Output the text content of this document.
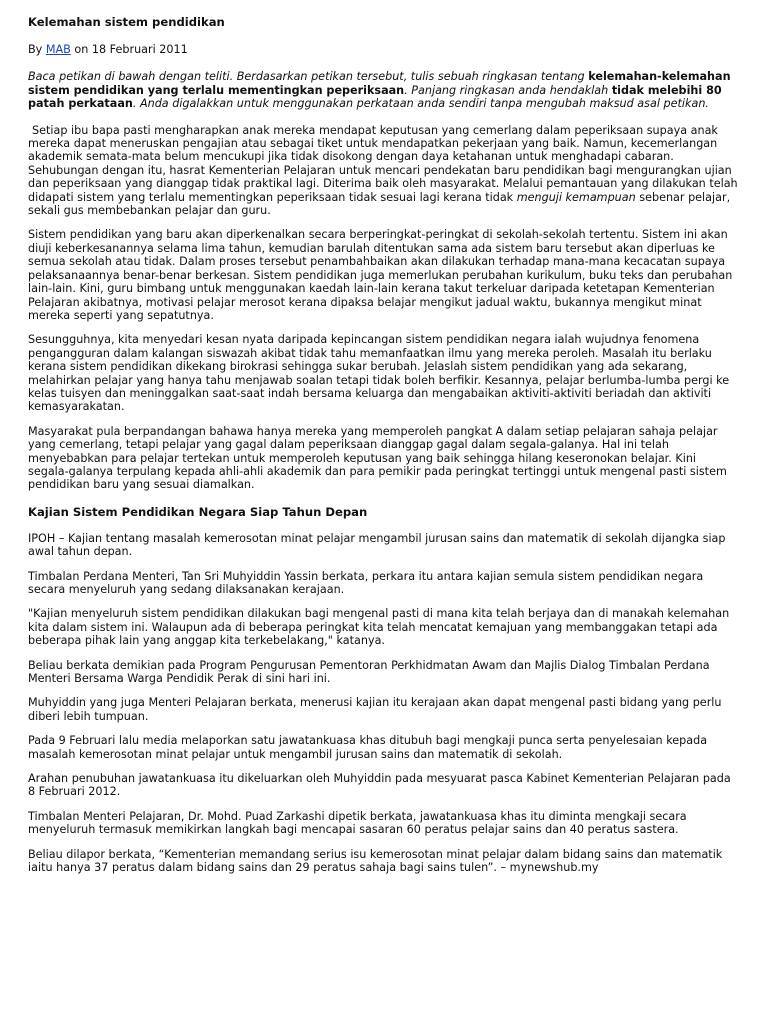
Kelemahan sistem pendidikan
By MAB on 18 Februari 2011

Baca petikan di bawah dengan teliti. Berdasarkan petikan tersebut, tulis sebuah ringkasan tentang kelemahan-kelemahan sistem pendidikan yang terlalu mementingkan peperiksaan. Panjang ringkasan anda hendaklah tidak melebihi 80 patah perkataan. Anda digalakkan untuk menggunakan perkataan anda sendiri tanpa mengubah maksud asal petikan.

Setiap ibu bapa pasti mengharapkan anak mereka mendapat keputusan yang cemerlang dalam peperiksaan supaya anak mereka dapat meneruskan pengajian atau sebagai tiket untuk mendapatkan pekerjaan yang baik. Namun, kecemerlangan akademik semata-mata belum mencukupi jika tidak disokong dengan daya ketahanan untuk menghadapi cabaran. Sehubungan dengan itu, hasrat Kementerian Pelajaran untuk mencari pendekatan baru pendidikan bagi mengurangkan ujian dan peperiksaan yang dianggap tidak praktikal lagi. Diterima baik oleh masyarakat. Melalui pemantauan yang dilakukan telah didapati sistem yang terlalu mementingkan peperiksaan tidak sesuai lagi kerana tidak menguji kemampuan sebenar pelajar, sekali gus membebankan pelajar dan guru.

Sistem pendidikan yang baru akan diperkenalkan secara berperingkat-peringkat di sekolah-sekolah tertentu. Sistem ini akan diuji keberkesanannya selama lima tahun, kemudian barulah ditentukan sama ada sistem baru tersebut akan diperluas ke semua sekolah atau tidak. Dalam proses tersebut penambahbaikan akan dilakukan terhadap mana-mana kecacatan supaya pelaksanaannya benar-benar berkesan. Sistem pendidikan juga memerlukan perubahan kurikulum, buku teks dan perubahan lain-lain. Kini, guru bimbang untuk menggunakan kaedah lain-lain kerana takut terkeluar daripada ketetapan Kementerian Pelajaran akibatnya, motivasi pelajar merosot kerana dipaksa belajar mengikut jadual waktu, bukannya mengikut minat mereka seperti yang sepatutnya.

Sesungguhnya, kita menyedari kesan nyata daripada kepincangan sistem pendidikan negara ialah wujudnya fenomena pengangguran dalam kalangan siswazah akibat tidak tahu memanfaatkan ilmu yang mereka peroleh. Masalah itu berlaku kerana sistem pendidikan dikekang birokrasi sehingga sukar berubah. Jelaslah sistem pendidikan yang ada sekarang, melahirkan pelajar yang hanya tahu menjawab soalan tetapi tidak boleh berfikir. Kesannya, pelajar berlumba-lumba pergi ke kelas tuisyen dan meninggalkan saat-saat indah bersama keluarga dan mengabaikan aktiviti-aktiviti beriadah dan aktiviti kemasyarakatan.

Masyarakat pula berpandangan bahawa hanya mereka yang memperoleh pangkat A dalam setiap pelajaran sahaja pelajar yang cemerlang, tetapi pelajar yang gagal dalam peperiksaan dianggap gagal dalam segala-galanya. Hal ini telah menyebabkan para pelajar tertekan untuk memperoleh keputusan yang baik sehingga hilang keseronokan belajar. Kini segala-galanya terpulang kepada ahli-ahli akademik dan para pemikir pada peringkat tertinggi untuk mengenal pasti sistem pendidikan baru yang sesuai diamalkan.

Kajian Sistem Pendidikan Negara Siap Tahun Depan

IPOH – Kajian tentang masalah kemerosotan minat pelajar mengambil jurusan sains dan matematik di sekolah dijangka siap awal tahun depan.

Timbalan Perdana Menteri, Tan Sri Muhyiddin Yassin berkata, perkara itu antara kajian semula sistem pendidikan negara secara menyeluruh yang sedang dilaksanakan kerajaan.

"Kajian menyeluruh sistem pendidikan dilakukan bagi mengenal pasti di mana kita telah berjaya dan di manakah kelemahan kita dalam sistem ini. Walaupun ada di beberapa peringkat kita telah mencatat kemajuan yang membanggakan tetapi ada beberapa pihak lain yang anggap kita terkebelakang," katanya.

Beliau berkata demikian pada Program Pengurusan Pementoran Perkhidmatan Awam dan Majlis Dialog Timbalan Perdana Menteri Bersama Warga Pendidik Perak di sini hari ini.

Muhyiddin yang juga Menteri Pelajaran berkata, menerusi kajian itu kerajaan akan dapat mengenal pasti bidang yang perlu diberi lebih tumpuan.

Pada 9 Februari lalu media melaporkan satu jawatankuasa khas ditubuh bagi mengkaji punca serta penyelesaian kepada masalah kemerosotan minat pelajar untuk mengambil jurusan sains dan matematik di sekolah.

Arahan penubuhan jawatankuasa itu dikeluarkan oleh Muhyiddin pada mesyuarat pasca Kabinet Kementerian Pelajaran pada 8 Februari 2012.

Timbalan Menteri Pelajaran, Dr. Mohd. Puad Zarkashi dipetik berkata, jawatankuasa khas itu diminta mengkaji secara menyeluruh termasuk memikirkan langkah bagi mencapai sasaran 60 peratus pelajar sains dan 40 peratus sastera.

Beliau dilapor berkata, “Kementerian memandang serius isu kemerosotan minat pelajar dalam bidang sains dan matematik iaitu hanya 37 peratus dalam bidang sains dan 29 peratus sahaja bagi sains tulen”. – mynewshub.my
